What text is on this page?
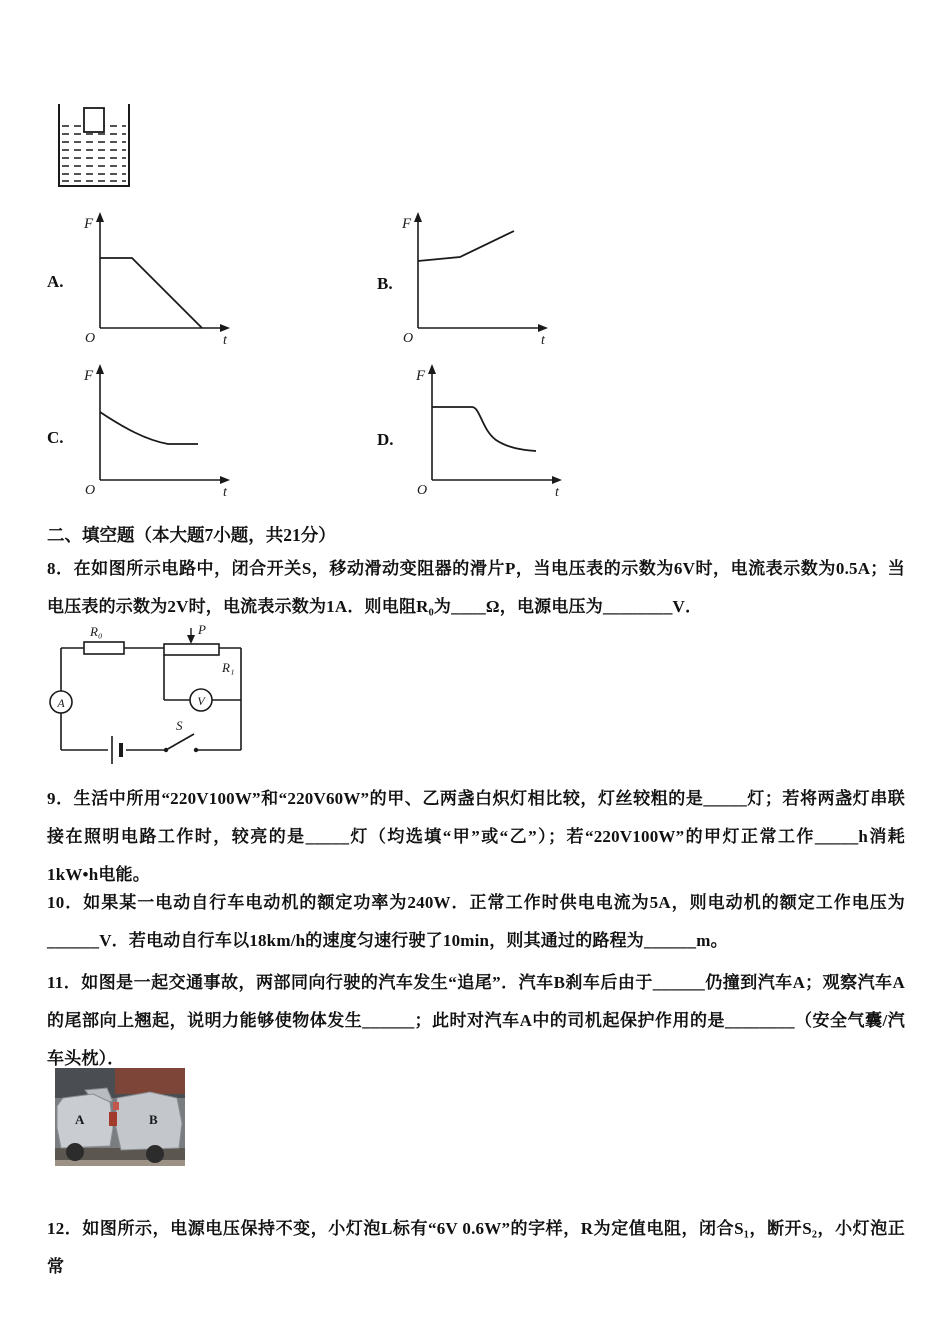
A.
F
O	t
B.
F
O	t
C.
F
O	t
D.
F
O	t
二、填空题（本大题7小题，共21分）
8．在如图所示电路中，闭合开关S，移动滑动变阻器的滑片P，当电压表的示数为6V时，电流表示数为0.5A；当电压表的示数为2V时，电流表示数为1A．则电阻R₀为____Ω，电源电压为________V．
S
R₀	P
R₁
V
A
9．生活中所用“220V100W”和“220V60W”的甲、乙两盏白炽灯相比较，灯丝较粗的是_____灯；若将两盏灯串联接在照明电路工作时，较亮的是_____灯（均选填“甲”或“乙”）；若“220V100W”的甲灯正常工作_____h消耗1kW•h电能。
10．如果某一电动自行车电动机的额定功率为240W．正常工作时供电电流为5A，则电动机的额定工作电压为______V．若电动自行车以18km/h的速度匀速行驶了10min，则其通过的路程为______m。
11．如图是一起交通事故，两部同向行驶的汽车发生“追尾”．汽车B刹车后由于______仍撞到汽车A；观察汽车A的尾部向上翘起，说明力能够使物体发生______；此时对汽车A中的司机起保护作用的是________（安全气囊/汽车头枕）．
A	B
12．如图所示，电源电压保持不变，小灯泡L标有“6V 0.6W”的字样，R为定值电阻，闭合S₁，断开S₂，小灯泡正常
